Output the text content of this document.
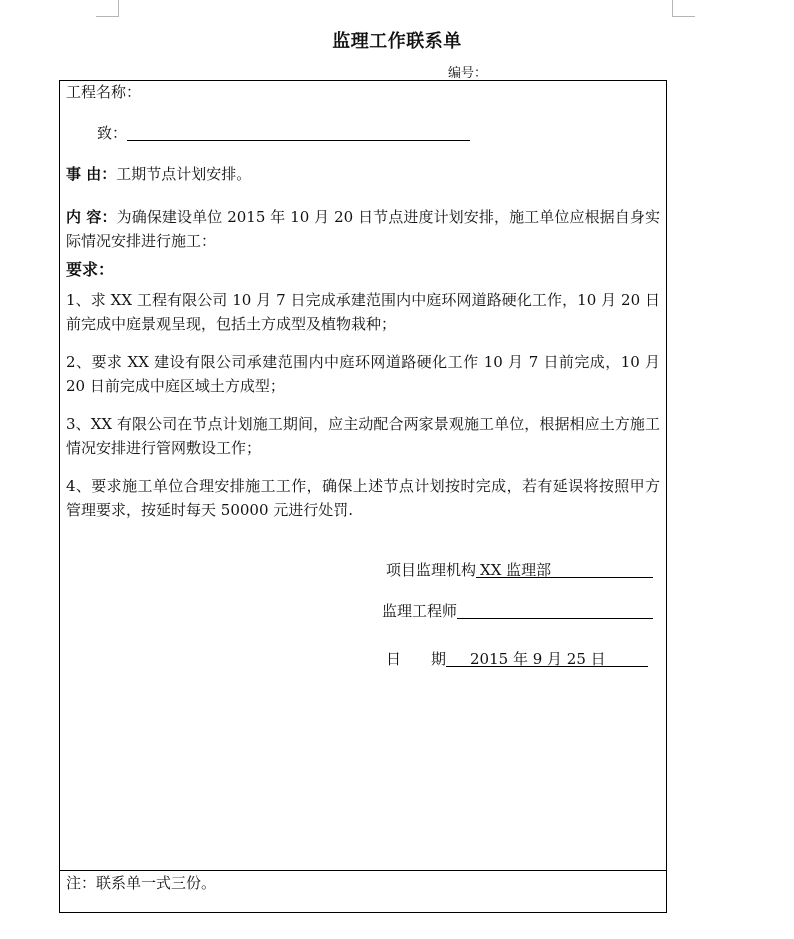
监理工作联系单
编号：
工程名称：
致：
事 由：工期节点计划安排。
内 容：为确保建设单位 2015 年 10 月 20 日节点进度计划安排，施工单位应根据自身实际情况安排进行施工：
要求：
1、求 XX 工程有限公司 10 月 7 日完成承建范围内中庭环网道路硬化工作，10 月 20 日前完成中庭景观呈现，包括土方成型及植物栽种；
2、要求 XX 建设有限公司承建范围内中庭环网道路硬化工作 10 月 7 日前完成，10 月 20 日前完成中庭区域土方成型；
3、XX 有限公司在节点计划施工期间，应主动配合两家景观施工单位，根据相应土方施工情况安排进行管网敷设工作；
4、要求施工单位合理安排施工工作，确保上述节点计划按时完成，若有延误将按照甲方管理要求，按延时每天 50000 元进行处罚.
项目监理机构 XX 监理部
监理工程师
日　　期 2015 年 9 月 25 日
注：联系单一式三份。
